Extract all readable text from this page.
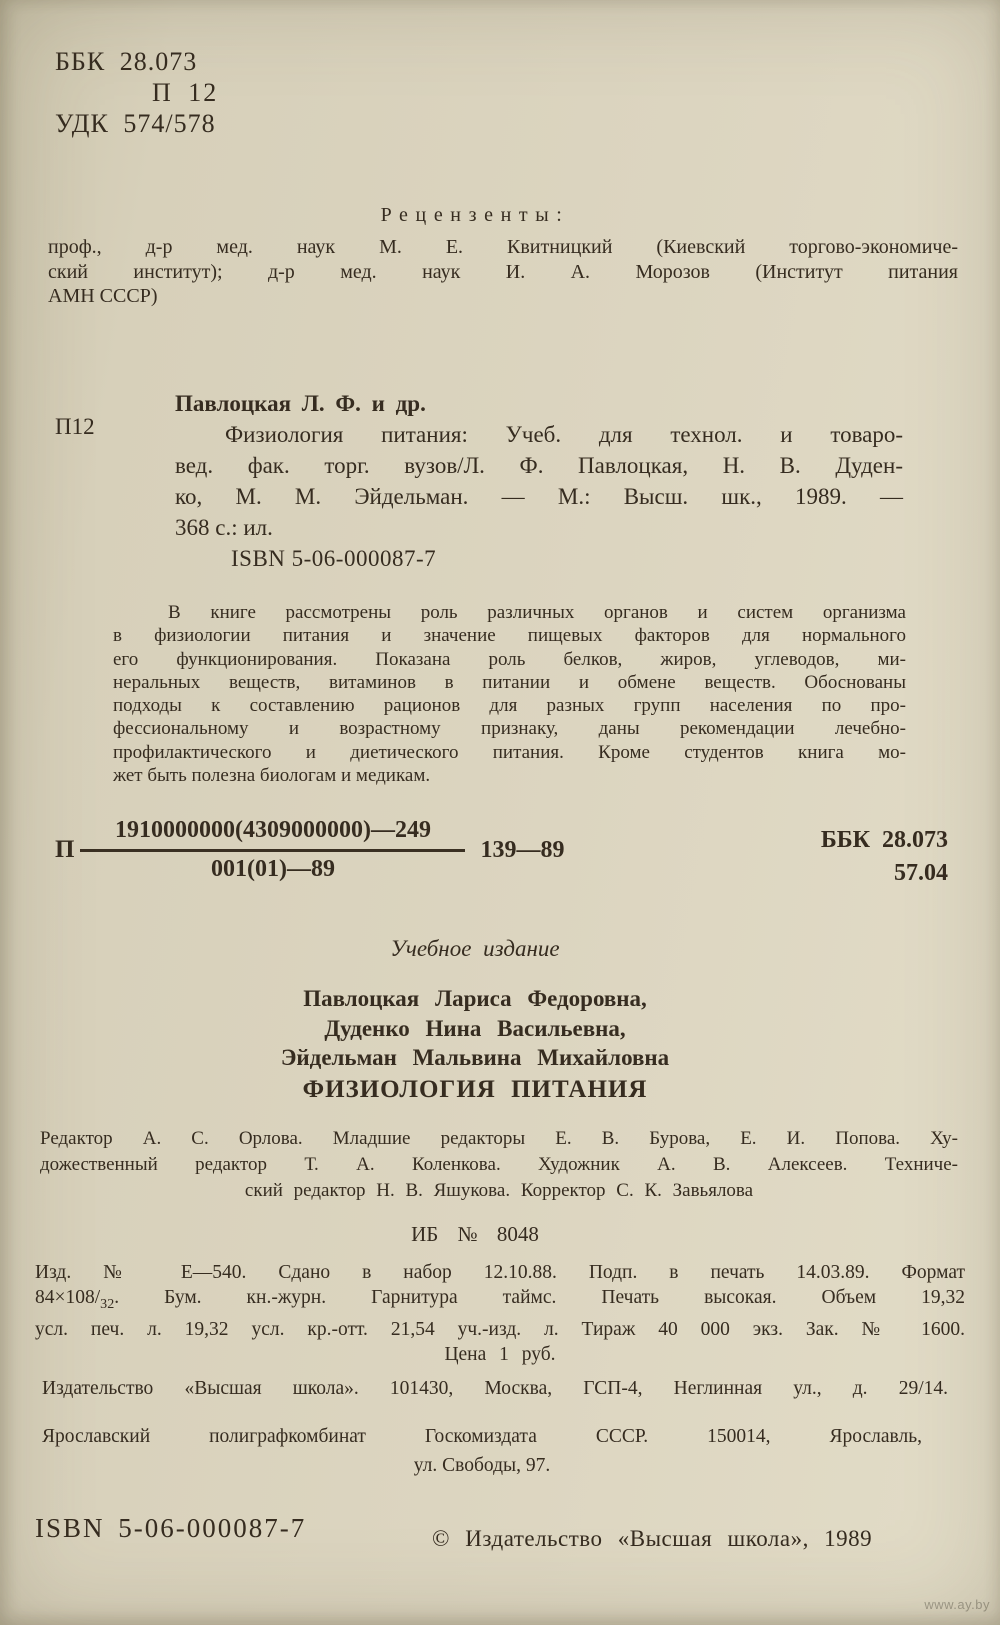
ББК 28.073
П 12
УДК 574/578
Рецензенты:
проф., д-р мед. наук М. Е. Квитницкий (Киевский торгово-экономиче-
ский институт); д-р мед. наук И. А. Морозов (Институт питания
АМН СССР)
П12
Павлоцкая Л. Ф. и др.
Физиология питания: Учеб. для технол. и товаро-
вед. фак. торг. вузов/Л. Ф. Павлоцкая, Н. В. Дуден-
ко, М. М. Эйдельман. — М.: Высш. шк., 1989. —
368 с.: ил.
ISBN 5-06-000087-7
В книге рассмотрены роль различных органов и систем организма
в физиологии питания и значение пищевых факторов для нормального
его функционирования. Показана роль белков, жиров, углеводов, ми-
неральных веществ, витаминов в питании и обмене веществ. Обоснованы
подходы к составлению рационов для разных групп населения по про-
фессиональному и возрастному признаку, даны рекомендации лечебно-
профилактического и диетического питания. Кроме студентов книга мо-
жет быть полезна биологам и медикам.
П $\frac{1910000000(4309000000)—249}{001(01)—89}$ 139—89	ББК 28.073
57.04
Учебное издание
Павлоцкая Лариса Федоровна,
Дуденко Нина Васильевна,
Эйдельман Мальвина Михайловна
ФИЗИОЛОГИЯ ПИТАНИЯ
Редактор А. С. Орлова. Младшие редакторы Е. В. Бурова, Е. И. Попова. Ху-
дожественный редактор Т. А. Коленкова. Художник А. В. Алексеев. Техниче-
ский редактор Н. В. Яшукова. Корректор С. К. Завьялова
ИБ № 8048
Изд. № Е—540. Сдано в набор 12.10.88. Подп. в печать 14.03.89. Формат
$84\times 108/_{32}$. Бум. кн.-журн. Гарнитура таймс. Печать высокая. Объем 19,32
усл. печ. л. 19,32 усл. кр.-отт. 21,54 уч.-изд. л. Тираж 40 000 экз. Зак. № 1600.
Цена 1 руб.
Издательство «Высшая школа». 101430, Москва, ГСП-4, Неглинная ул., д. 29/14.
Ярославский полиграфкомбинат Госкомиздата СССР. 150014, Ярославль,
ул. Свободы, 97.
ISBN 5-06-000087-7	© Издательство «Высшая школа», 1989
www.ay.by
